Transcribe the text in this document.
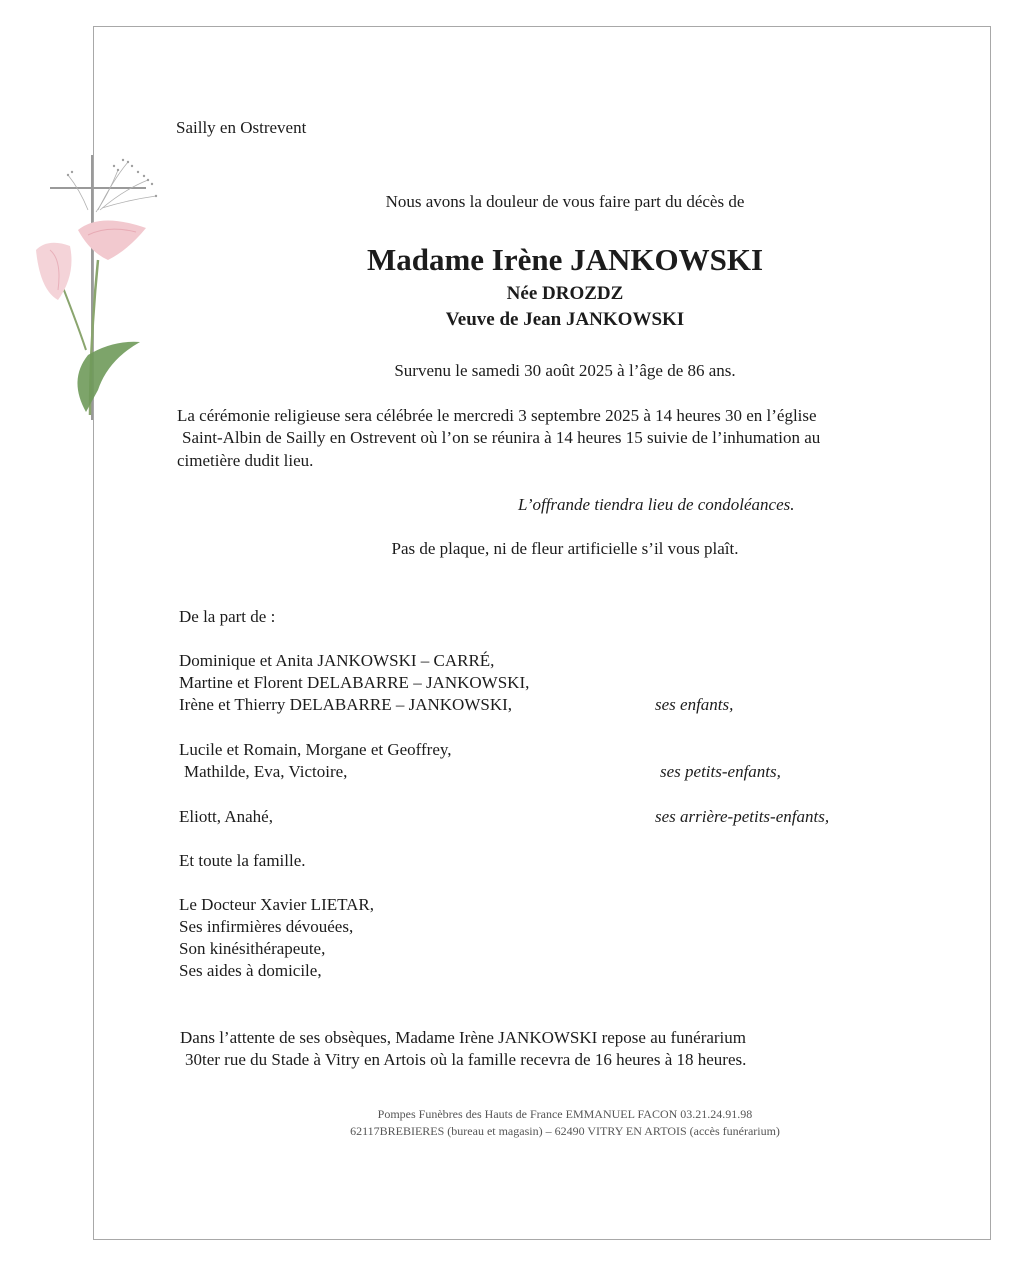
Sailly en Ostrevent
Nous avons la douleur de vous faire part du décès de
Madame Irène JANKOWSKI
Née DROZDZ
Veuve de Jean JANKOWSKI
Survenu le samedi 30 août 2025 à l’âge de 86 ans.
La cérémonie religieuse sera célébrée le mercredi 3 septembre 2025 à 14 heures 30 en l’église
Saint-Albin de Sailly en Ostrevent où l’on se réunira à 14 heures 15 suivie de l’inhumation au
cimetière dudit lieu.
L’offrande tiendra lieu de condoléances.
Pas de plaque, ni de fleur artificielle s’il vous plaît.
De la part de :
Dominique et Anita JANKOWSKI – CARRÉ,
Martine et Florent DELABARRE – JANKOWSKI,
Irène et Thierry DELABARRE – JANKOWSKI,	ses enfants,
Lucile et Romain, Morgane et Geoffrey,
Mathilde, Eva, Victoire,	ses petits-enfants,
Eliott, Anahé,	ses arrière-petits-enfants,
Et toute la famille.
Le Docteur Xavier LIETAR,
Ses infirmières dévouées,
Son kinésithérapeute,
Ses aides à domicile,
Dans l’attente de ses obsèques, Madame Irène JANKOWSKI repose au funérarium
30ter rue du Stade à Vitry en Artois où la famille recevra de 16 heures à 18 heures.
Pompes Funèbres des Hauts de France EMMANUEL FACON 03.21.24.91.98
62117BREBIERES (bureau et magasin) – 62490 VITRY EN ARTOIS (accès funérarium)
